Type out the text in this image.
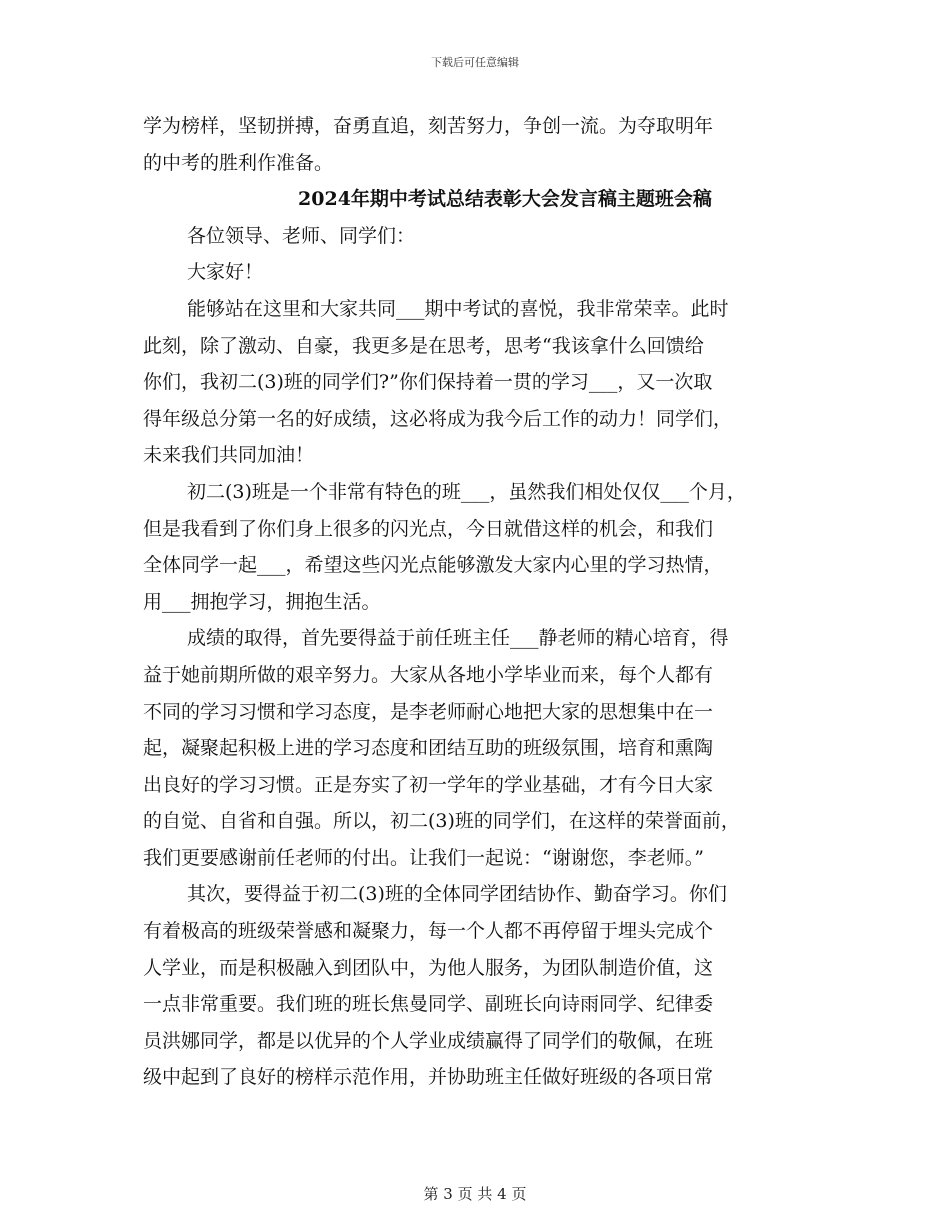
下载后可任意编辑
学为榜样，坚韧拼搏，奋勇直追，刻苦努力，争创一流。为夺取明年
的中考的胜利作准备。
2024年期中考试总结表彰大会发言稿主题班会稿
各位领导、老师、同学们：
大家好！
能够站在这里和大家共同___期中考试的喜悦，我非常荣幸。此时
此刻，除了激动、自豪，我更多是在思考，思考“我该拿什么回馈给
你们，我初二(3)班的同学们?”你们保持着一贯的学习___，又一次取
得年级总分第一名的好成绩，这必将成为我今后工作的动力！同学们，
未来我们共同加油！
初二(3)班是一个非常有特色的班___，虽然我们相处仅仅___个月，
但是我看到了你们身上很多的闪光点，今日就借这样的机会，和我们
全体同学一起___，希望这些闪光点能够激发大家内心里的学习热情，
用___拥抱学习，拥抱生活。
成绩的取得，首先要得益于前任班主任___静老师的精心培育，得
益于她前期所做的艰辛努力。大家从各地小学毕业而来，每个人都有
不同的学习习惯和学习态度，是李老师耐心地把大家的思想集中在一
起，凝聚起积极上进的学习态度和团结互助的班级氛围，培育和熏陶
出良好的学习习惯。正是夯实了初一学年的学业基础，才有今日大家
的自觉、自省和自强。所以，初二(3)班的同学们，在这样的荣誉面前，
我们更要感谢前任老师的付出。让我们一起说：“谢谢您，李老师。”
其次，要得益于初二(3)班的全体同学团结协作、勤奋学习。你们
有着极高的班级荣誉感和凝聚力，每一个人都不再停留于埋头完成个
人学业，而是积极融入到团队中，为他人服务，为团队制造价值，这
一点非常重要。我们班的班长焦曼同学、副班长向诗雨同学、纪律委
员洪娜同学，都是以优异的个人学业成绩赢得了同学们的敬佩，在班
级中起到了良好的榜样示范作用，并协助班主任做好班级的各项日常
第 3 页 共 4 页
